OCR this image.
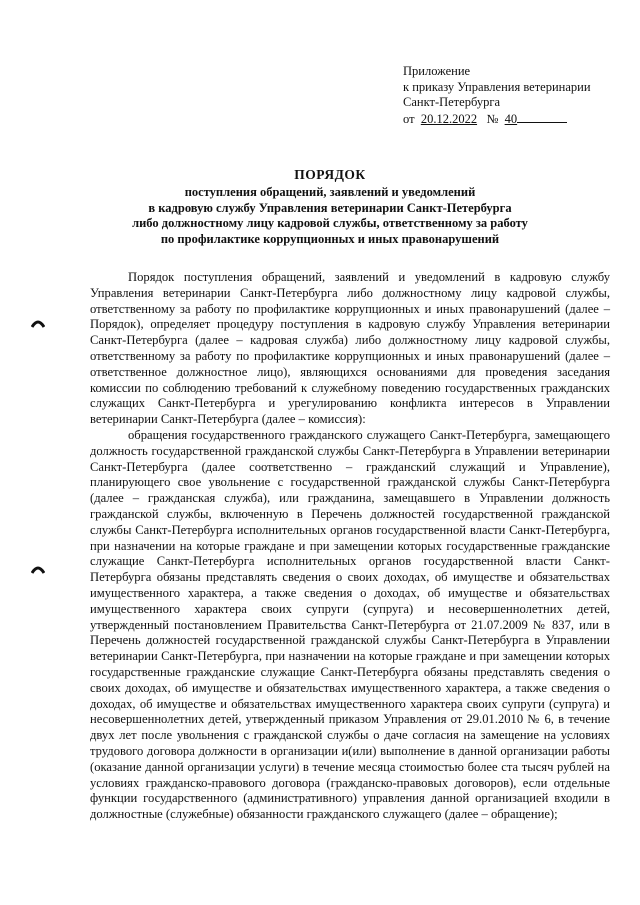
Приложение
к приказу Управления ветеринарии
Санкт-Петербурга
от 20.12.2022 № 40
ПОРЯДОК
поступления обращений, заявлений и уведомлений
в кадровую службу Управления ветеринарии Санкт-Петербурга
либо должностному лицу кадровой службы, ответственному за работу
по профилактике коррупционных и иных правонарушений

Порядок поступления обращений, заявлений и уведомлений в кадровую службу Управления ветеринарии Санкт-Петербурга либо должностному лицу кадровой службы, ответственному за работу по профилактике коррупционных и иных правонарушений (далее – Порядок), определяет процедуру поступления в кадровую службу Управления ветеринарии Санкт-Петербурга (далее – кадровая служба) либо должностному лицу кадровой службы, ответственному за работу по профилактике коррупционных и иных правонарушений (далее – ответственное должностное лицо), являющихся основаниями для проведения заседания комиссии по соблюдению требований к служебному поведению государственных гражданских служащих Санкт-Петербурга и урегулированию конфликта интересов в Управлении ветеринарии Санкт-Петербурга (далее – комиссия):

обращения государственного гражданского служащего Санкт-Петербурга, замещающего должность государственной гражданской службы Санкт-Петербурга в Управлении ветеринарии Санкт-Петербурга (далее соответственно – гражданский служащий и Управление), планирующего свое увольнение с государственной гражданской службы Санкт-Петербурга (далее – гражданская служба), или гражданина, замещавшего в Управлении должность гражданской службы, включенную в Перечень должностей государственной гражданской службы Санкт-Петербурга исполнительных органов государственной власти Санкт-Петербурга, при назначении на которые граждане и при замещении которых государственные гражданские служащие Санкт-Петербурга исполнительных органов государственной власти Санкт-Петербурга обязаны представлять сведения о своих доходах, об имуществе и обязательствах имущественного характера, а также сведения о доходах, об имуществе и обязательствах имущественного характера своих супруги (супруга) и несовершеннолетних детей, утвержденный постановлением Правительства Санкт-Петербурга от 21.07.2009 № 837, или в Перечень должностей государственной гражданской службы Санкт-Петербурга в Управлении ветеринарии Санкт-Петербурга, при назначении на которые граждане и при замещении которых государственные гражданские служащие Санкт-Петербурга обязаны представлять сведения о своих доходах, об имуществе и обязательствах имущественного характера, а также сведения о доходах, об имуществе и обязательствах имущественного характера своих супруги (супруга) и несовершеннолетних детей, утвержденный приказом Управления от 29.01.2010 № 6, в течение двух лет после увольнения с гражданской службы о даче согласия на замещение на условиях трудового договора должности в организации и(или) выполнение в данной организации работы (оказание данной организации услуги) в течение месяца стоимостью более ста тысяч рублей на условиях гражданско-правового договора (гражданско-правовых договоров), если отдельные функции государственного (административного) управления данной организацией входили в должностные (служебные) обязанности гражданского служащего (далее – обращение);
